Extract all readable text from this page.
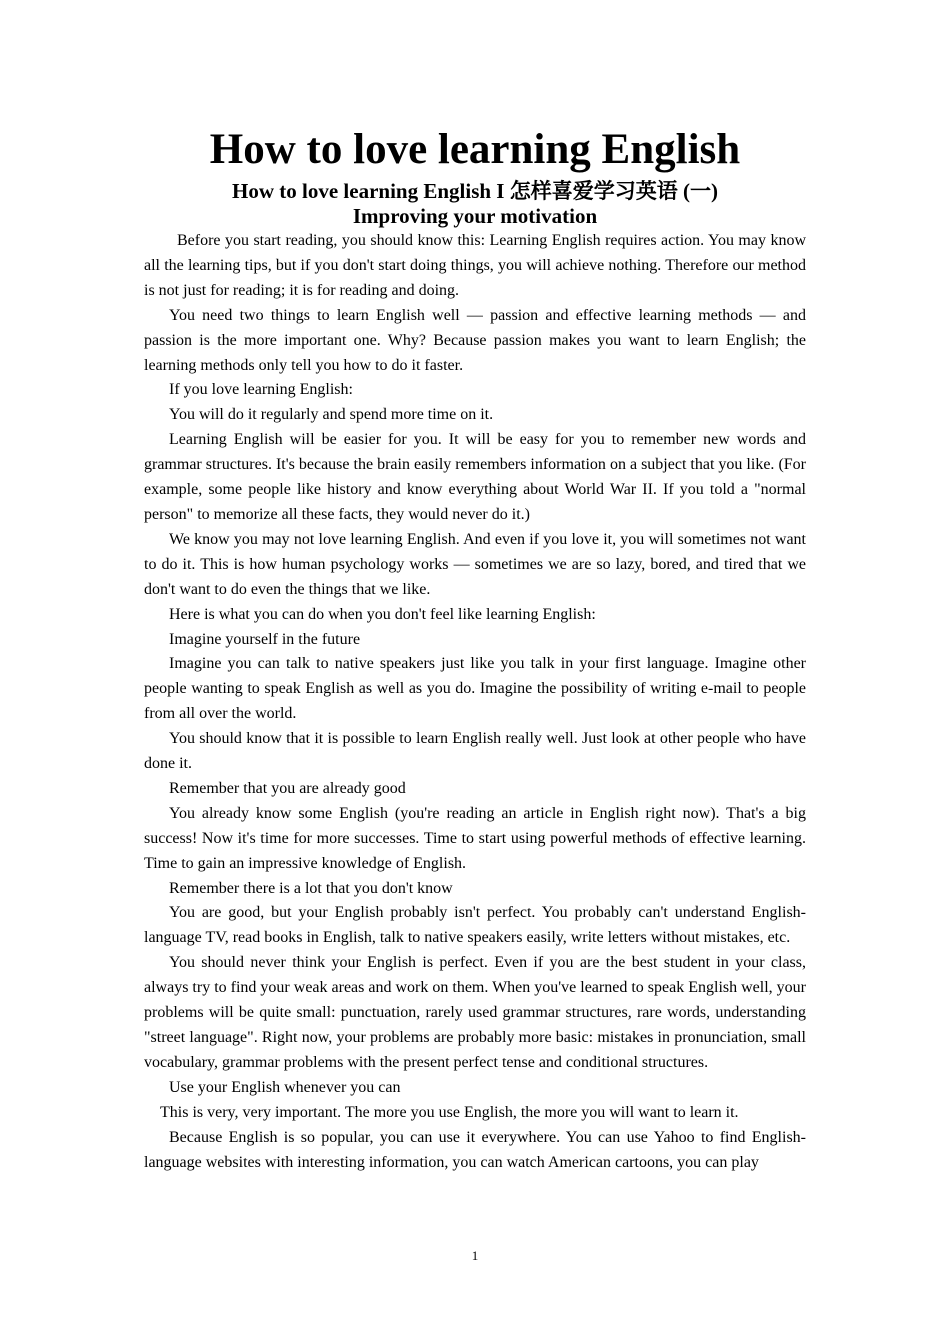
How to love learning English
How to love learning English I 怎样喜爱学习英语 (一)
Improving your motivation

Before you start reading, you should know this: Learning English requires action. You may know all the learning tips, but if you don't start doing things, you will achieve nothing. Therefore our method is not just for reading; it is for reading and doing.

You need two things to learn English well — passion and effective learning methods — and passion is the more important one. Why? Because passion makes you want to learn English; the learning methods only tell you how to do it faster.

If you love learning English:

You will do it regularly and spend more time on it.

Learning English will be easier for you. It will be easy for you to remember new words and grammar structures. It's because the brain easily remembers information on a subject that you like. (For example, some people like history and know everything about World War II. If you told a "normal person" to memorize all these facts, they would never do it.)

We know you may not love learning English. And even if you love it, you will sometimes not want to do it. This is how human psychology works — sometimes we are so lazy, bored, and tired that we don't want to do even the things that we like.

Here is what you can do when you don't feel like learning English:

Imagine yourself in the future

Imagine you can talk to native speakers just like you talk in your first language. Imagine other people wanting to speak English as well as you do. Imagine the possibility of writing e-mail to people from all over the world.

You should know that it is possible to learn English really well. Just look at other people who have done it.

Remember that you are already good

You already know some English (you're reading an article in English right now). That's a big success! Now it's time for more successes. Time to start using powerful methods of effective learning. Time to gain an impressive knowledge of English.

Remember there is a lot that you don't know

You are good, but your English probably isn't perfect. You probably can't understand English-language TV, read books in English, talk to native speakers easily, write letters without mistakes, etc.

You should never think your English is perfect. Even if you are the best student in your class, always try to find your weak areas and work on them. When you've learned to speak English well, your problems will be quite small: punctuation, rarely used grammar structures, rare words, understanding "street language". Right now, your problems are probably more basic: mistakes in pronunciation, small vocabulary, grammar problems with the present perfect tense and conditional structures.

Use your English whenever you can

This is very, very important. The more you use English, the more you will want to learn it.

Because English is so popular, you can use it everywhere. You can use Yahoo to find English-language websites with interesting information, you can watch American cartoons, you can play

1
